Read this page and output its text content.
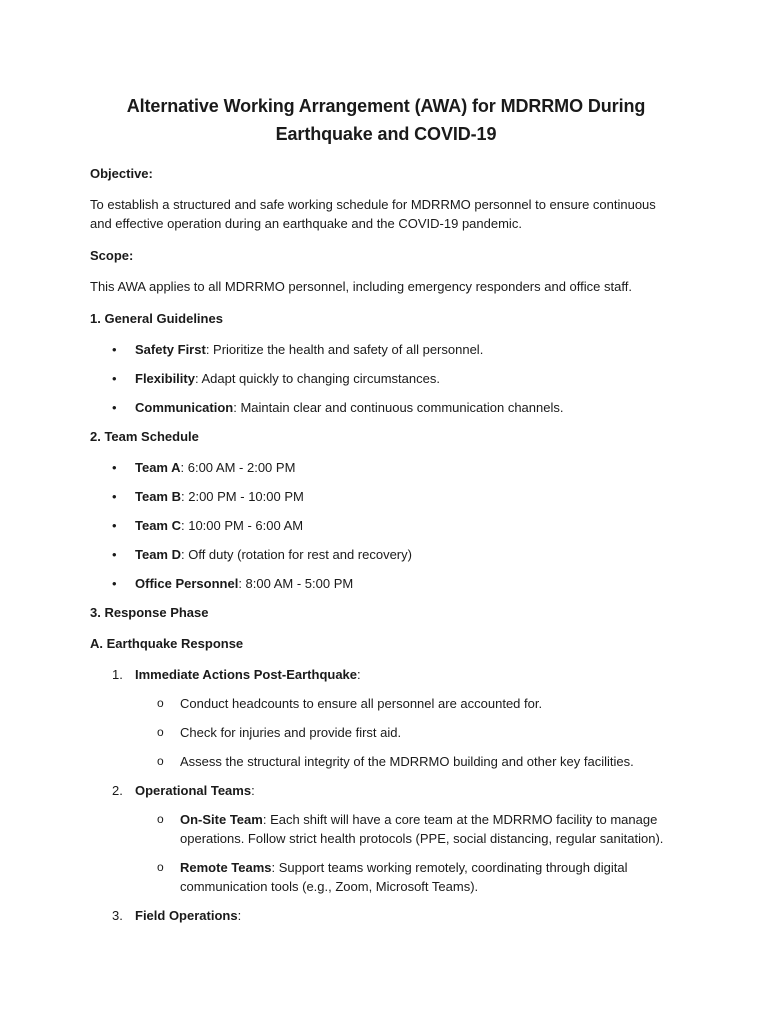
Alternative Working Arrangement (AWA) for MDRRMO During
Earthquake and COVID-19
Objective:

To establish a structured and safe working schedule for MDRRMO personnel to ensure continuous and effective operation during an earthquake and the COVID-19 pandemic.

Scope:

This AWA applies to all MDRRMO personnel, including emergency responders and office staff.

1. General Guidelines
• Safety First: Prioritize the health and safety of all personnel.
• Flexibility: Adapt quickly to changing circumstances.
• Communication: Maintain clear and continuous communication channels.
2. Team Schedule
• Team A: 6:00 AM - 2:00 PM
• Team B: 2:00 PM - 10:00 PM
• Team C: 10:00 PM - 6:00 AM
• Team D: Off duty (rotation for rest and recovery)
• Office Personnel: 8:00 AM - 5:00 PM
3. Response Phase
A. Earthquake Response
1. Immediate Actions Post-Earthquake:
o Conduct headcounts to ensure all personnel are accounted for.
o Check for injuries and provide first aid.
o Assess the structural integrity of the MDRRMO building and other key facilities.
2. Operational Teams:
o On-Site Team: Each shift will have a core team at the MDRRMO facility to manage operations. Follow strict health protocols (PPE, social distancing, regular sanitation).
o Remote Teams: Support teams working remotely, coordinating through digital communication tools (e.g., Zoom, Microsoft Teams).
3. Field Operations:
